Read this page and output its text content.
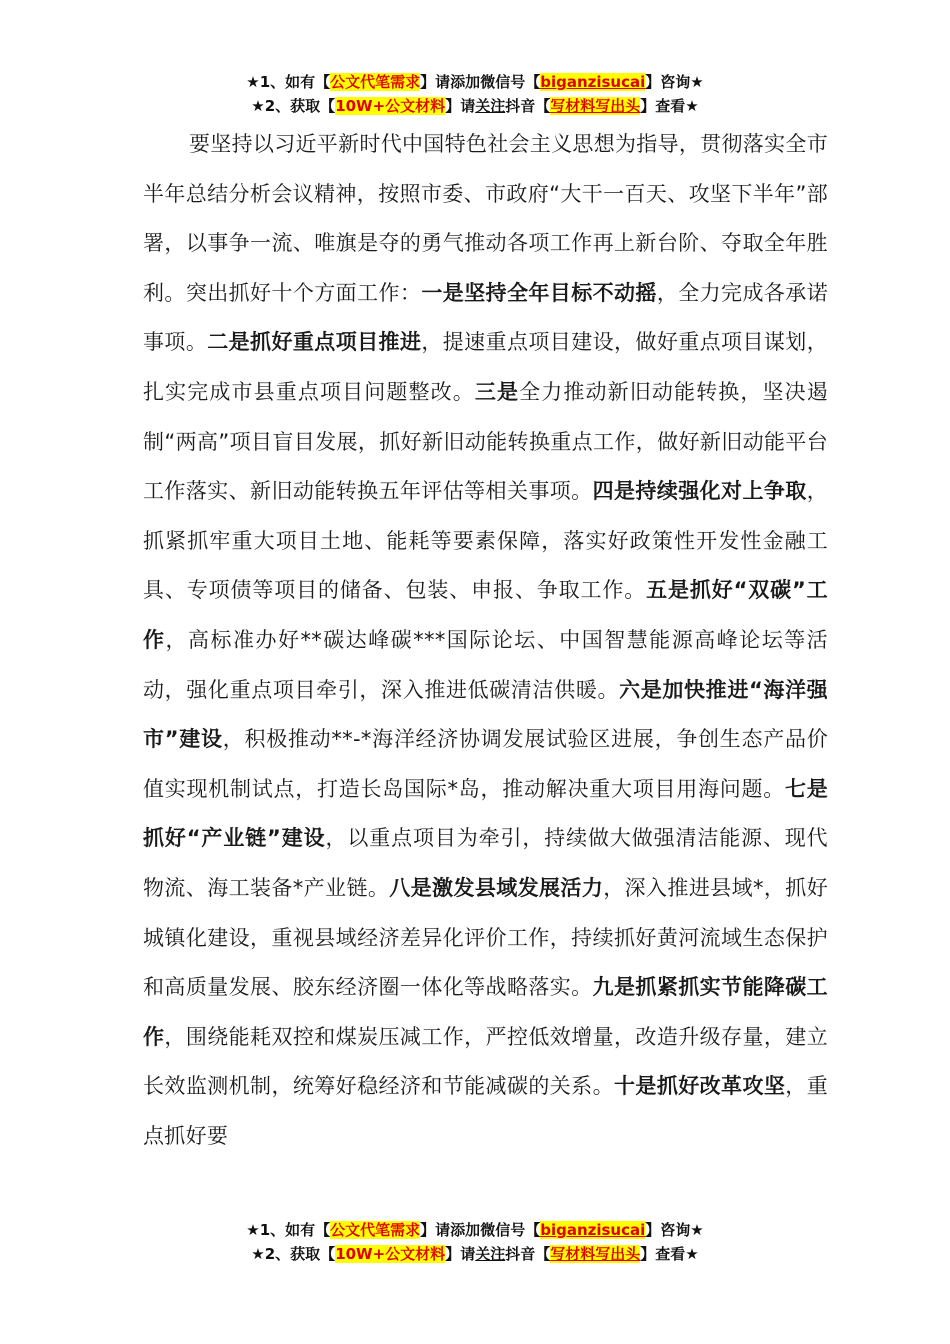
★1、如有【公文代笔需求】请添加微信号【biganzisucai】咨询★
★2、获取【10W+公文材料】请关注抖音【写材料写出头】查看★

要坚持以习近平新时代中国特色社会主义思想为指导，贯彻落实全市半年总结分析会议精神，按照市委、市政府“大干一百天、攻坚下半年”部署，以事争一流、唯旗是夺的勇气推动各项工作再上新台阶、夺取全年胜利。突出抓好十个方面工作：一是坚持全年目标不动摇，全力完成各承诺事项。二是抓好重点项目推进，提速重点项目建设，做好重点项目谋划，扎实完成市县重点项目问题整改。三是全力推动新旧动能转换，坚决遏制“两高”项目盲目发展，抓好新旧动能转换重点工作，做好新旧动能平台工作落实、新旧动能转换五年评估等相关事项。四是持续强化对上争取，抓紧抓牢重大项目土地、能耗等要素保障，落实好政策性开发性金融工具、专项债等项目的储备、包装、申报、争取工作。五是抓好“双碳”工作，高标准办好**碳达峰碳***国际论坛、中国智慧能源高峰论坛等活动，强化重点项目牵引，深入推进低碳清洁供暖。六是加快推进“海洋强市”建设，积极推动**-*海洋经济协调发展试验区进展，争创生态产品价值实现机制试点，打造长岛国际*岛，推动解决重大项目用海问题。七是抓好“产业链”建设，以重点项目为牵引，持续做大做强清洁能源、现代物流、海工装备*产业链。八是激发县域发展活力，深入推进县域*，抓好城镇化建设，重视县域经济差异化评价工作，持续抓好黄河流域生态保护和高质量发展、胶东经济圈一体化等战略落实。九是抓紧抓实节能降碳工作，围绕能耗双控和煤炭压减工作，严控低效增量，改造升级存量，建立长效监测机制，统筹好稳经济和节能减碳的关系。十是抓好改革攻坚，重点抓好要

★1、如有【公文代笔需求】请添加微信号【biganzisucai】咨询★
★2、获取【10W+公文材料】请关注抖音【写材料写出头】查看★
